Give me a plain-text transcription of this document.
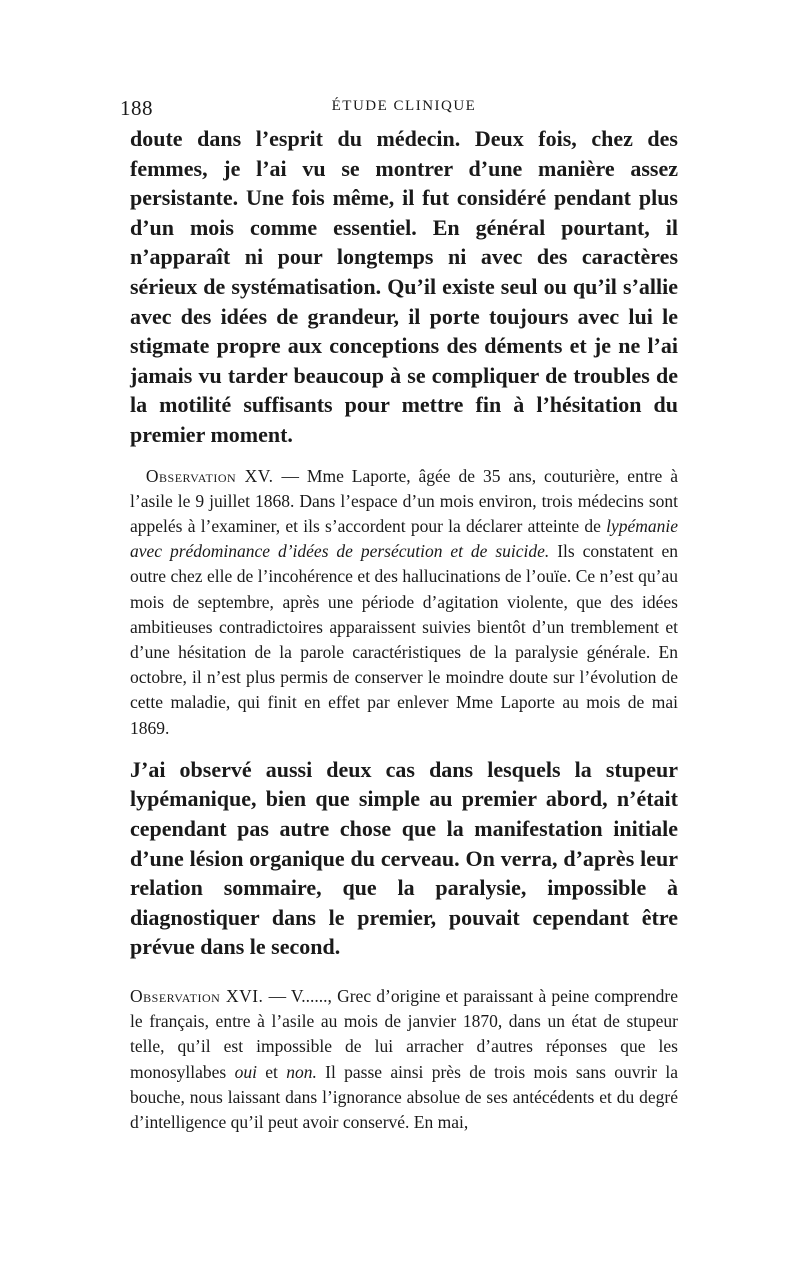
188	ÉTUDE CLINIQUE

doute dans l’esprit du médecin. Deux fois, chez des femmes, je l’ai vu se montrer d’une manière assez persistante. Une fois même, il fut considéré pendant plus d’un mois comme essentiel. En général pourtant, il n’apparaît ni pour longtemps ni avec des caractères sérieux de systématisation. Qu’il existe seul ou qu’il s’allie avec des idées de grandeur, il porte toujours avec lui le stigmate propre aux conceptions des déments et je ne l’ai jamais vu tarder beaucoup à se compliquer de troubles de la motilité suffisants pour mettre fin à l’hésitation du premier moment.

Observation XV. — Mme Laporte, âgée de 35 ans, couturière, entre à l’asile le 9 juillet 1868. Dans l’espace d’un mois environ, trois médecins sont appelés à l’examiner, et ils s’accordent pour la déclarer atteinte de lypémanie avec prédominance d’idées de persécution et de suicide. Ils constatent en outre chez elle de l’incohérence et des hallucinations de l’ouïe. Ce n’est qu’au mois de septembre, après une période d’agitation violente, que des idées ambitieuses contradictoires apparaissent suivies bientôt d’un tremblement et d’une hésitation de la parole caractéristiques de la paralysie générale. En octobre, il n’est plus permis de conserver le moindre doute sur l’évolution de cette maladie, qui finit en effet par enlever Mme Laporte au mois de mai 1869.

J’ai observé aussi deux cas dans lesquels la stupeur lypémanique, bien que simple au premier abord, n’était cependant pas autre chose que la manifestation initiale d’une lésion organique du cerveau. On verra, d’après leur relation sommaire, que la paralysie, impossible à diagnostiquer dans le premier, pouvait cependant être prévue dans le second.

Observation XVI. — V......, Grec d’origine et paraissant à peine comprendre le français, entre à l’asile au mois de janvier 1870, dans un état de stupeur telle, qu’il est impossible de lui arracher d’autres réponses que les monosyllabes oui et non. Il passe ainsi près de trois mois sans ouvrir la bouche, nous laissant dans l’ignorance absolue de ses antécédents et du degré d’intelligence qu’il peut avoir conservé. En mai,
